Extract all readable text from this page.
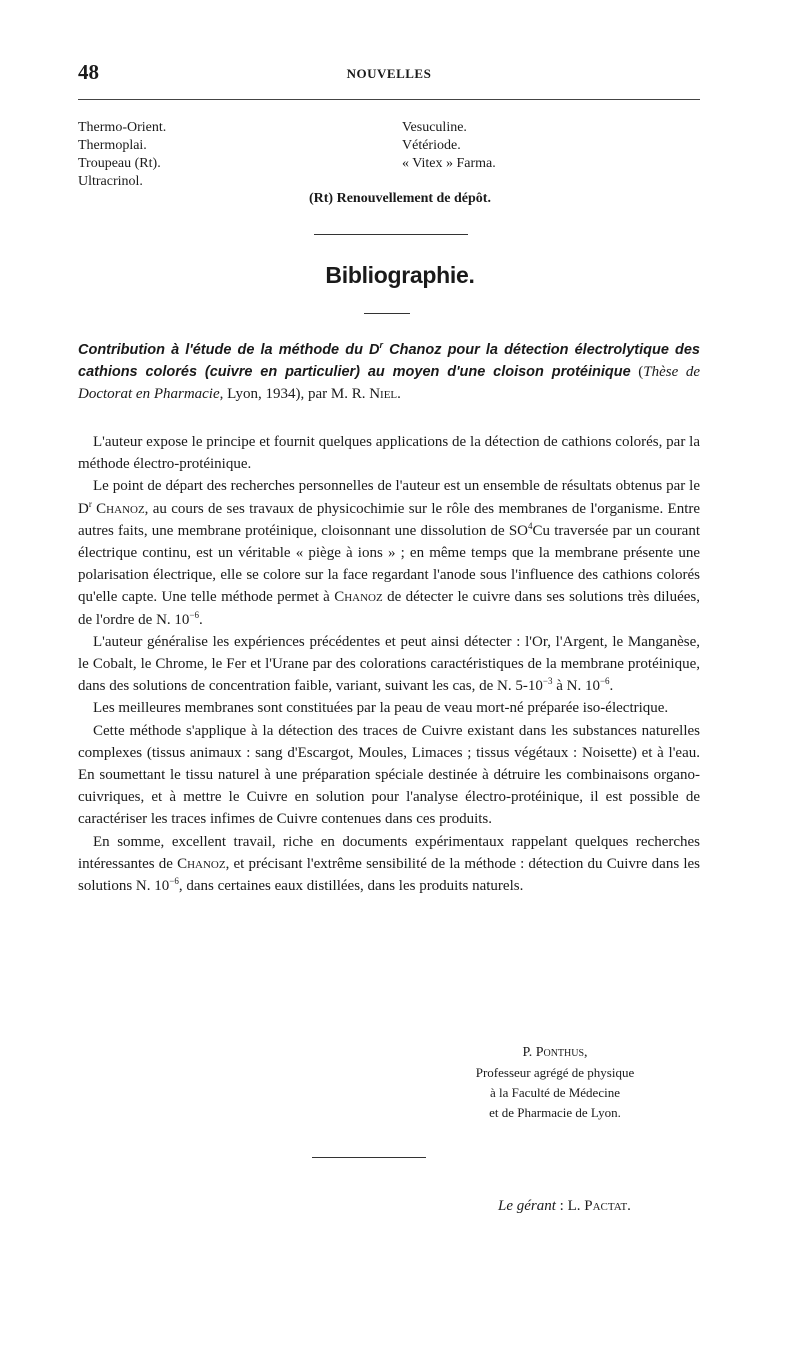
48	NOUVELLES
Thermo-Orient.
Thermoplai.
Troupeau (Rt).
Ultracrinol.
Vesuculine.
Vétériode.
« Vitex » Farma.
(Rt) Renouvellement de dépôt.
Bibliographie.
Contribution à l'étude de la méthode du $D^r$ Chanoz pour la détection électrolytique des cathions colorés (cuivre en particulier) au moyen d'une cloison protéinique (Thèse de Doctorat en Pharmacie, Lyon, 1934), par M. R. Niel.

L'auteur expose le principe et fournit quelques applications de la détection de cathions colorés, par la méthode électro-protéinique.

Le point de départ des recherches personnelles de l'auteur est un ensemble de résultats obtenus par le $D^r$ Chanoz, au cours de ses travaux de physicochimie sur le rôle des membranes de l'organisme. Entre autres faits, une membrane protéinique, cloisonnant une dissolution de $SO^4Cu$ traversée par un courant électrique continu, est un véritable « piège à ions » ; en même temps que la membrane présente une polarisation électrique, elle se colore sur la face regardant l'anode sous l'influence des cathions colorés qu'elle capte. Une telle méthode permet à Chanoz de détecter le cuivre dans ses solutions très diluées, de l'ordre de N. $10^{-6}$.

L'auteur généralise les expériences précédentes et peut ainsi détecter : l'Or, l'Argent, le Manganèse, le Cobalt, le Chrome, le Fer et l'Urane par des colorations caractéristiques de la membrane protéinique, dans des solutions de concentration faible, variant, suivant les cas, de N. $5-10^{-3}$ à N. $10^{-6}$.

Les meilleures membranes sont constituées par la peau de veau mort-né préparée iso-électrique.

Cette méthode s'applique à la détection des traces de Cuivre existant dans les substances naturelles complexes (tissus animaux : sang d'Escargot, Moules, Limaces ; tissus végétaux : Noisette) et à l'eau. En soumettant le tissu naturel à une préparation spéciale destinée à détruire les combinaisons organo-cuivriques, et à mettre le Cuivre en solution pour l'analyse électro-protéinique, il est possible de caractériser les traces infimes de Cuivre contenues dans ces produits.

En somme, excellent travail, riche en documents expérimentaux rappelant quelques recherches intéressantes de Chanoz, et précisant l'extrême sensibilité de la méthode : détection du Cuivre dans les solutions N. $10^{-6}$, dans certaines eaux distillées, dans les produits naturels.

P. Ponthus,
Professeur agrégé de physique
à la Faculté de Médecine
et de Pharmacie de Lyon.
Le gérant : L. Pactat.
